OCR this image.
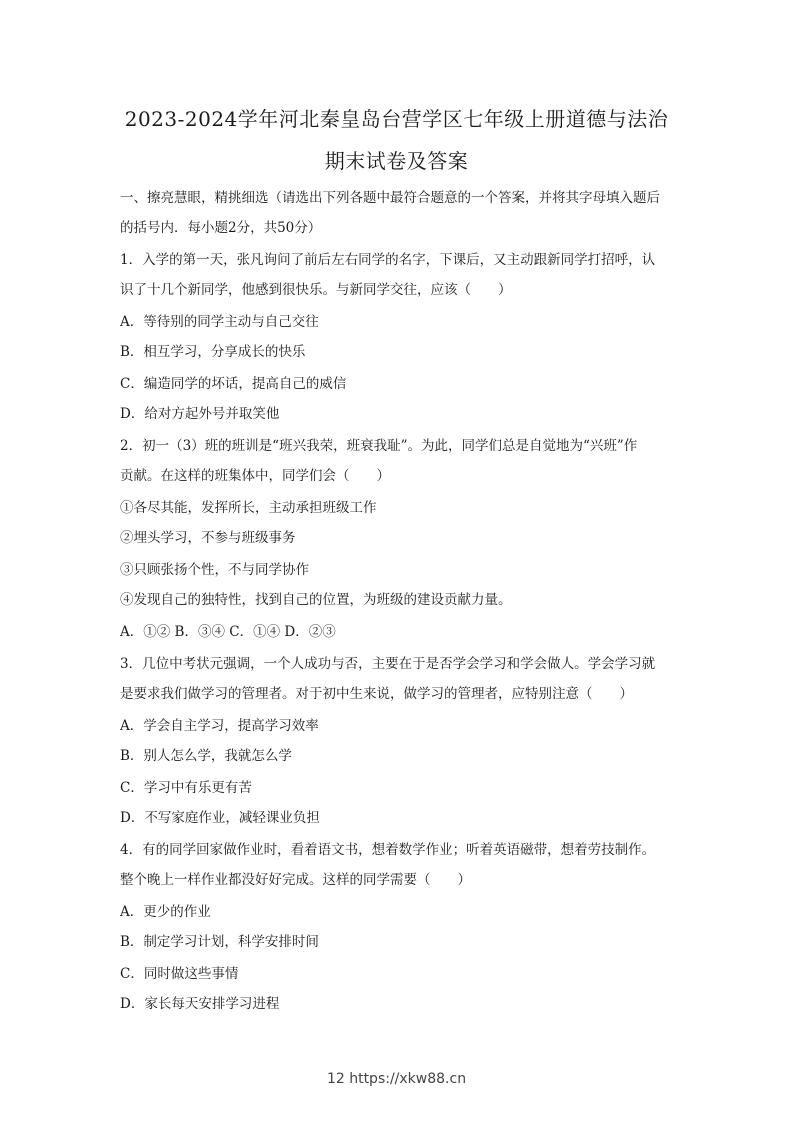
2023-2024学年河北秦皇岛台营学区七年级上册道德与法治
期末试卷及答案
一、擦亮慧眼，精挑细选（请选出下列各题中最符合题意的一个答案，并将其字母填入题后
的括号内．每小题2分，共50分）
1．入学的第一天，张凡询问了前后左右同学的名字，下课后，又主动跟新同学打招呼，认
识了十几个新同学，他感到很快乐。与新同学交往，应该（　　）
A．等待别的同学主动与自己交往
B．相互学习，分享成长的快乐
C．编造同学的坏话，提高自己的威信
D．给对方起外号并取笑他
2．初一（3）班的班训是“班兴我荣，班衰我耻”。为此，同学们总是自觉地为“兴班”作
贡献。在这样的班集体中，同学们会（　　）
①各尽其能，发挥所长，主动承担班级工作
②埋头学习，不参与班级事务
③只顾张扬个性，不与同学协作
④发现自己的独特性，找到自己的位置，为班级的建设贡献力量。
A．①② B．③④ C．①④ D．②③
3．几位中考状元强调，一个人成功与否，主要在于是否学会学习和学会做人。学会学习就
是要求我们做学习的管理者。对于初中生来说，做学习的管理者，应特别注意（　　）
A．学会自主学习，提高学习效率
B．别人怎么学，我就怎么学
C．学习中有乐更有苦
D．不写家庭作业，减轻课业负担
4．有的同学回家做作业时，看着语文书，想着数学作业；听着英语磁带，想着劳技制作。
整个晚上一样作业都没好好完成。这样的同学需要（　　）
A．更少的作业
B．制定学习计划，科学安排时间
C．同时做这些事情
D．家长每天安排学习进程
12 https://xkw88.cn
